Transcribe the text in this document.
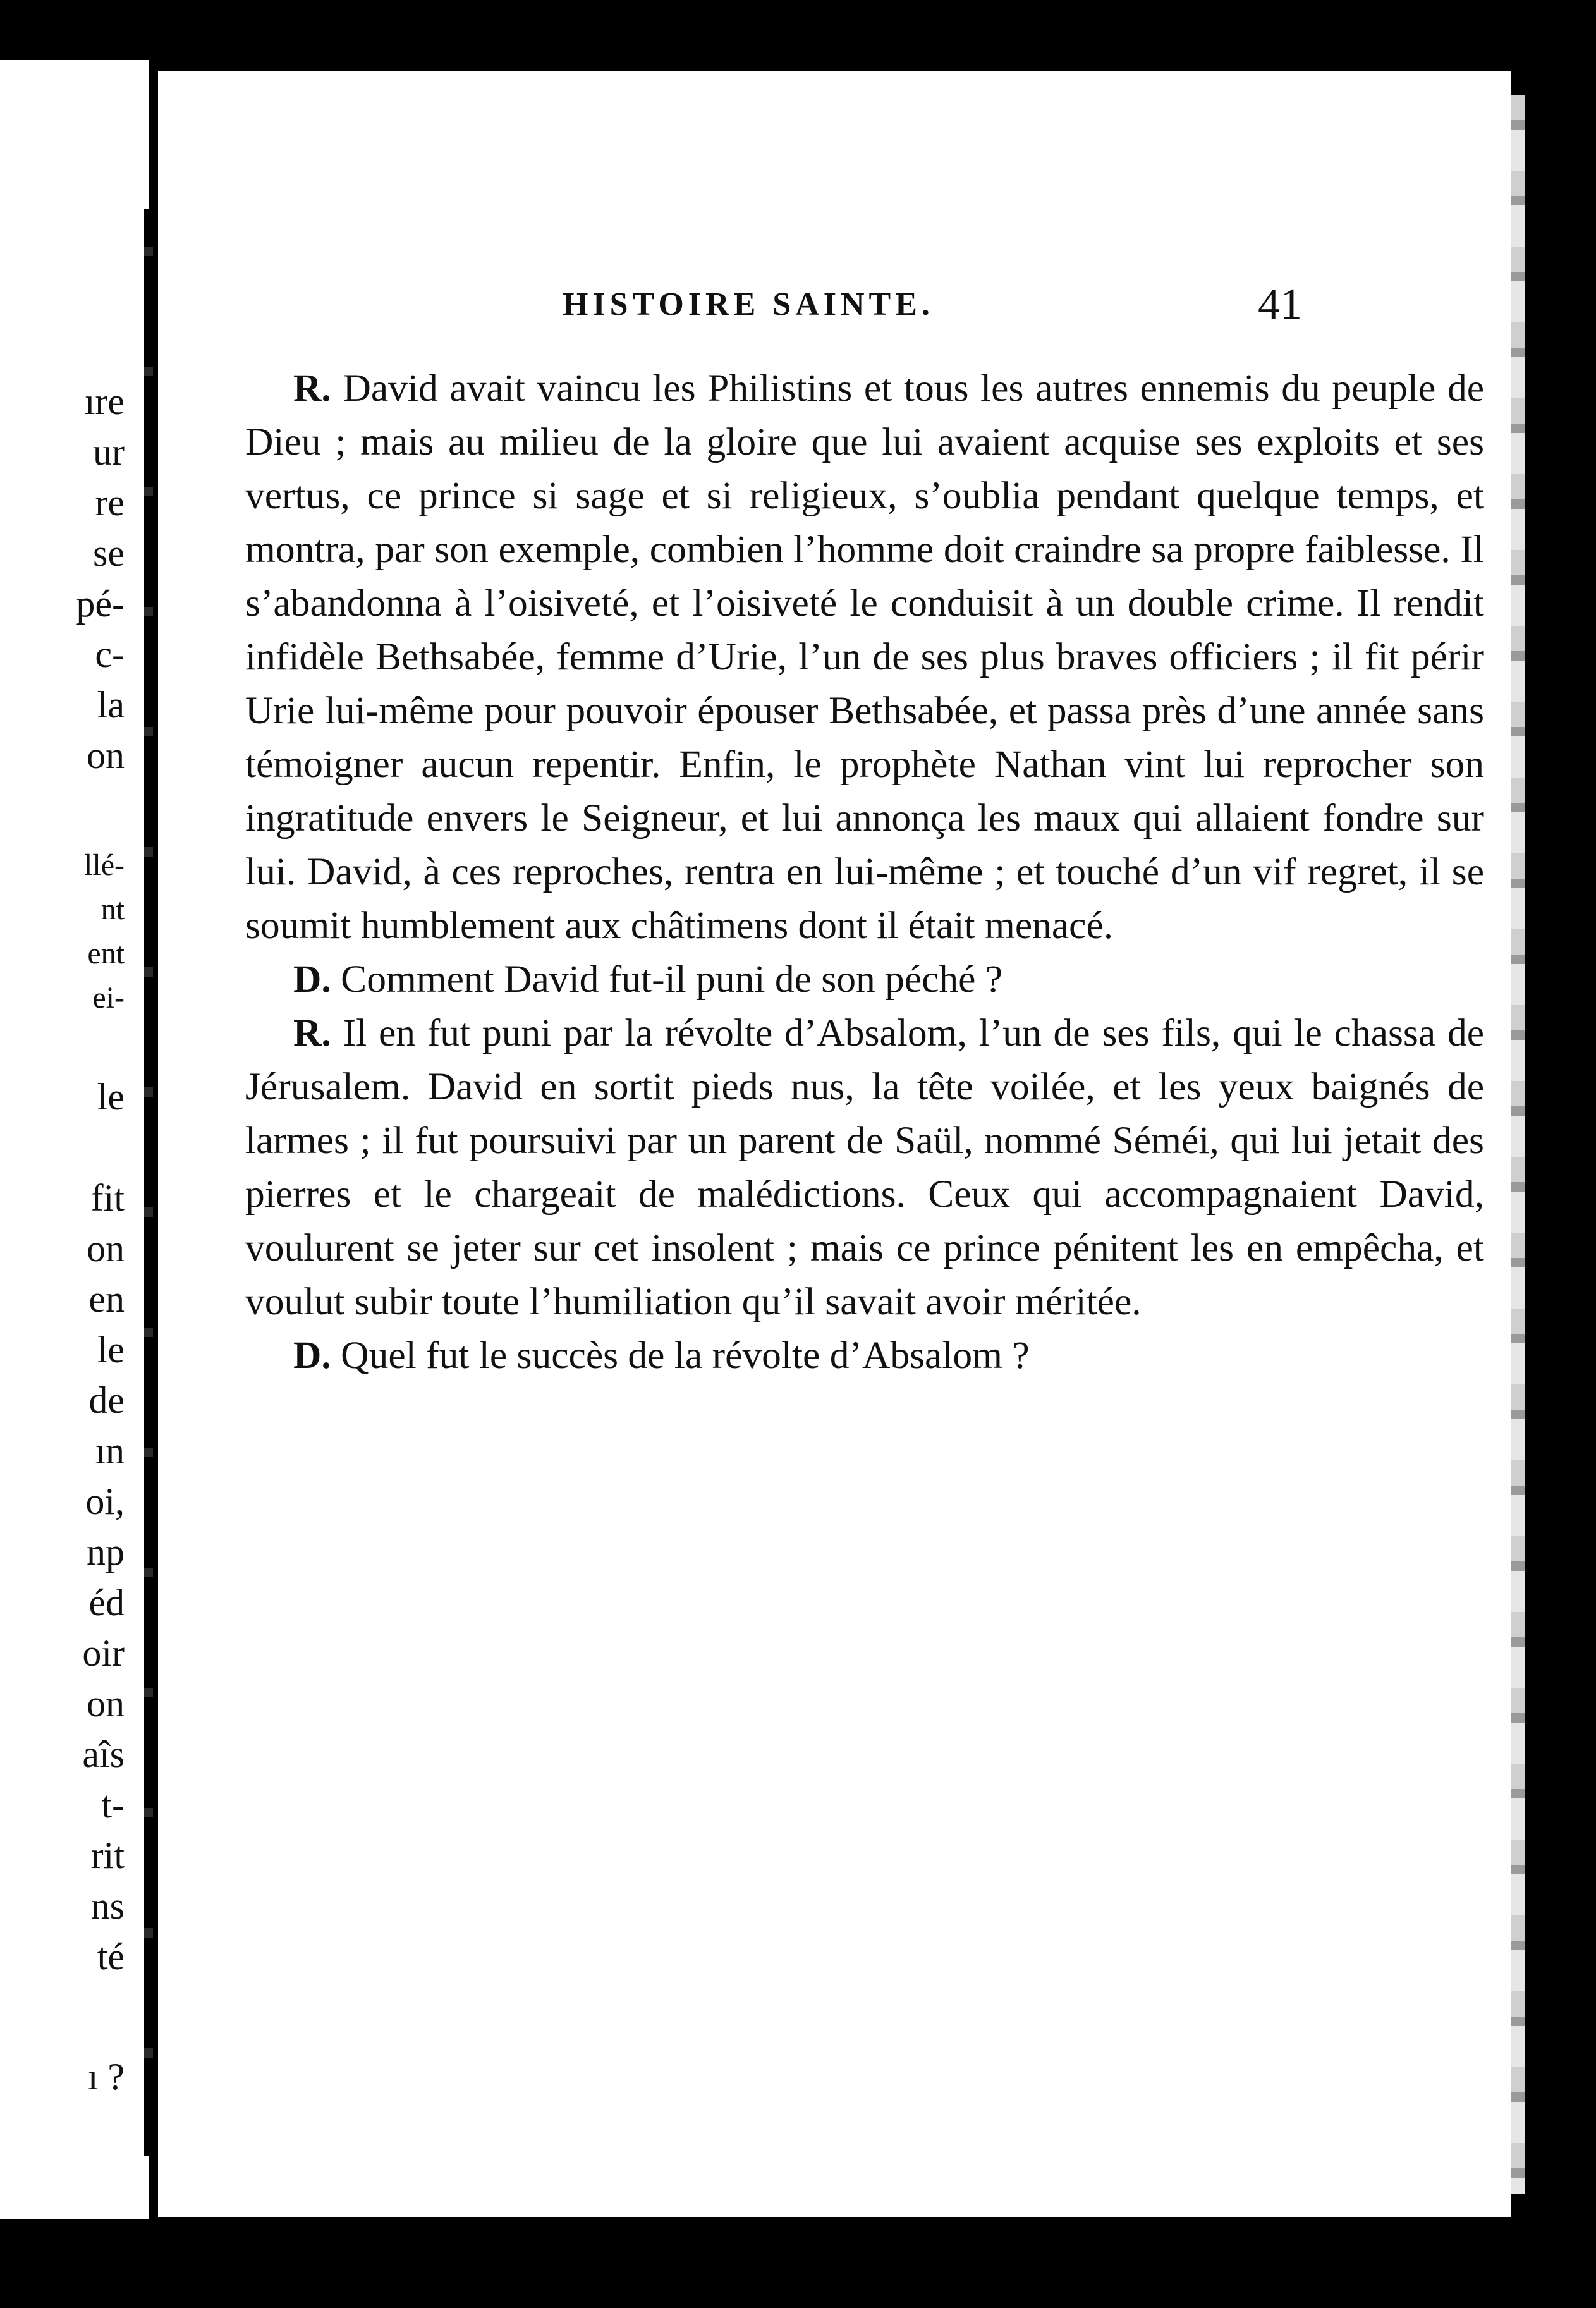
ıre
ur
re
se
pé-
c-
la
on
llé-
nt
ent
ei-
le
fit
on
en
le
de
ın
oi,
np
éd
oir
on
aîs
t-
rit
ns
té
ı ?
HISTOIRE SAINTE.	41

R. David avait vaincu les Philistins et tous les autres ennemis du peuple de Dieu ; mais au milieu de la gloire que lui avaient acquise ses exploits et ses vertus, ce prince si sage et si religieux, s’oublia pendant quelque temps, et montra, par son exemple, combien l’homme doit craindre sa propre faiblesse. Il s’abandonna à l’oisiveté, et l’oisiveté le conduisit à un double crime. Il rendit infidèle Bethsabée, femme d’Urie, l’un de ses plus braves officiers ; il fit périr Urie lui-même pour pouvoir épouser Bethsabée, et passa près d’une année sans témoigner aucun repentir. Enfin, le prophète Nathan vint lui reprocher son ingratitude envers le Seigneur, et lui annonça les maux qui allaient fondre sur lui. David, à ces reproches, rentra en lui-même ; et touché d’un vif regret, il se soumit humblement aux châtimens dont il était menacé.

D. Comment David fut-il puni de son péché ?

R. Il en fut puni par la révolte d’Absalom, l’un de ses fils, qui le chassa de Jérusalem. David en sortit pieds nus, la tête voilée, et les yeux baignés de larmes ; il fut poursuivi par un parent de Saül, nommé Séméi, qui lui jetait des pierres et le chargeait de malédictions. Ceux qui accompagnaient David, voulurent se jeter sur cet insolent ; mais ce prince pénitent les en empêcha, et voulut subir toute l’humiliation qu’il savait avoir méritée.

D. Quel fut le succès de la révolte d’Absalom ?
